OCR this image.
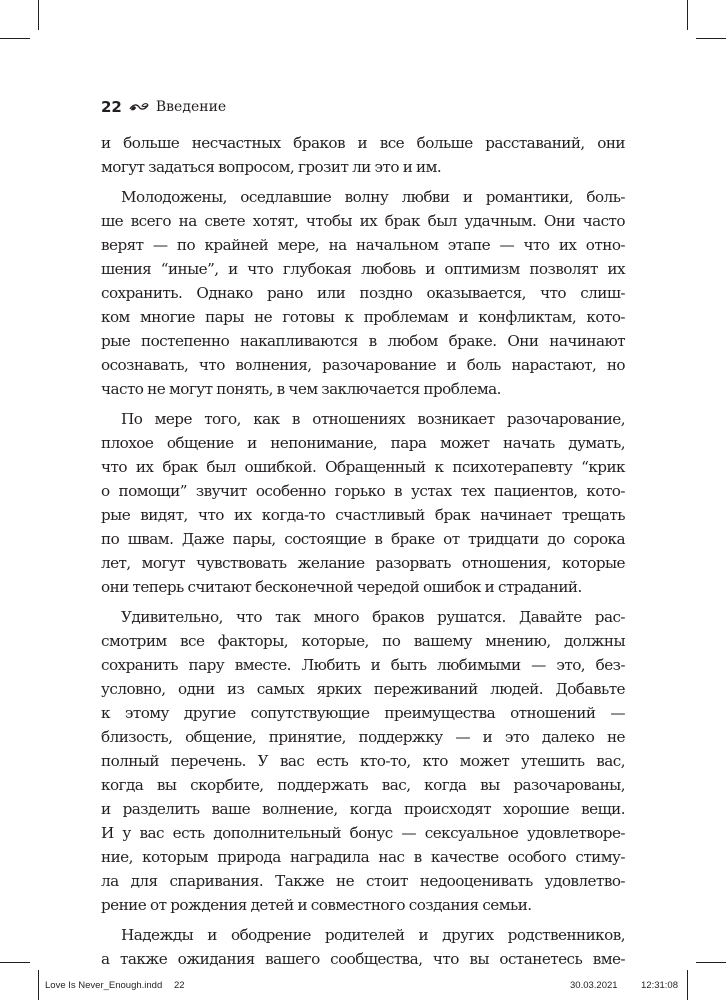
22 Введение
и больше несчастных браков и все больше расставаний, они
могут задаться вопросом, грозит ли это и им.
Молодожены, оседлавшие волну любви и романтики, боль-
ше всего на свете хотят, чтобы их брак был удачным. Они часто
верят — по крайней мере, на начальном этапе — что их отно-
шения “иные”, и что глубокая любовь и оптимизм позволят их
сохранить. Однако рано или поздно оказывается, что слиш-
ком многие пары не готовы к проблемам и конфликтам, кото-
рые постепенно накапливаются в любом браке. Они начинают
осознавать, что волнения, разочарование и боль нарастают, но
часто не могут понять, в чем заключается проблема.
По мере того, как в отношениях возникает разочарование,
плохое общение и непонимание, пара может начать думать,
что их брак был ошибкой. Обращенный к психотерапевту “крик
о помощи” звучит особенно горько в устах тех пациентов, кото-
рые видят, что их когда-то счастливый брак начинает трещать
по швам. Даже пары, состоящие в браке от тридцати до сорока
лет, могут чувствовать желание разорвать отношения, которые
они теперь считают бесконечной чередой ошибок и страданий.
Удивительно, что так много браков рушатся. Давайте рас-
смотрим все факторы, которые, по вашему мнению, должны
сохранить пару вместе. Любить и быть любимыми — это, без-
условно, одни из самых ярких переживаний людей. Добавьте
к этому другие сопутствующие преимущества отношений —
близость, общение, принятие, поддержку — и это далеко не
полный перечень. У вас есть кто-то, кто может утешить вас,
когда вы скорбите, поддержать вас, когда вы разочарованы,
и разделить ваше волнение, когда происходят хорошие вещи.
И у вас есть дополнительный бонус — сексуальное удовлетворе-
ние, которым природа наградила нас в качестве особого стиму-
ла для спаривания. Также не стоит недооценивать удовлетво-
рение от рождения детей и совместного создания семьи.
Надежды и ободрение родителей и других родственников,
а также ожидания вашего сообщества, что вы останетесь вме-
Love Is Never_Enough.indd 22	30.03.2021 12:31:08
